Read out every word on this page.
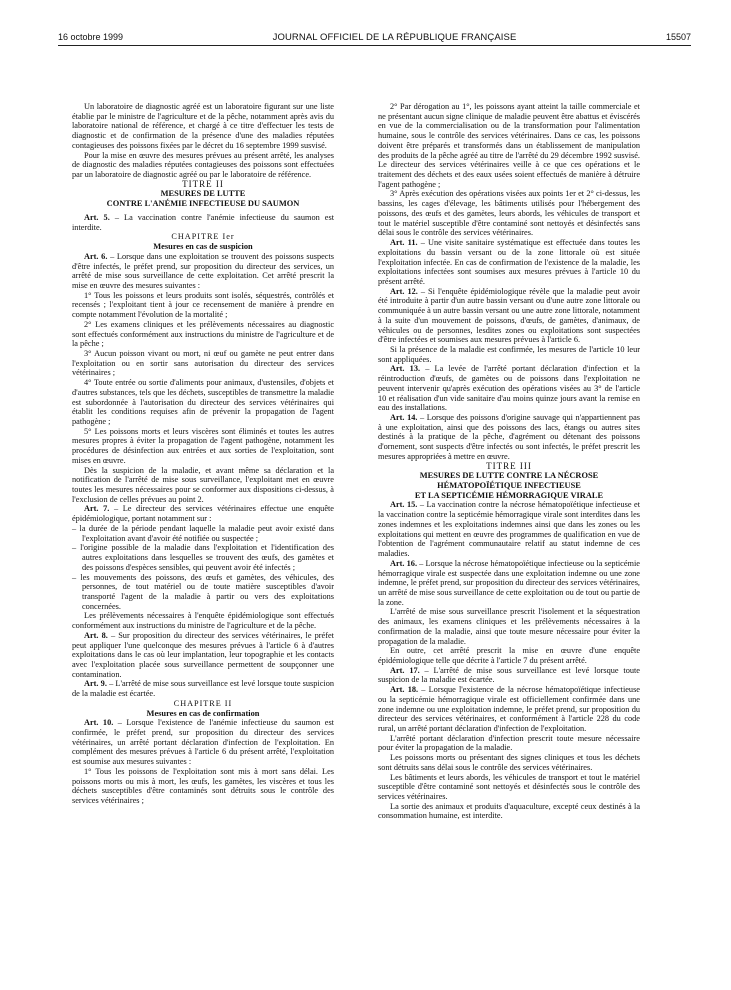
16 octobre 1999	JOURNAL OFFICIEL DE LA RÉPUBLIQUE FRANÇAISE	15507

Un laboratoire de diagnostic agréé est un laboratoire figurant sur une liste établie par le ministre de l'agriculture et de la pêche, notamment après avis du laboratoire national de référence, et chargé à ce titre d'effectuer les tests de diagnostic et de confirmation de la présence d'une des maladies réputées contagieuses des poissons fixées par le décret du 16 septembre 1999 susvisé.

Pour la mise en œuvre des mesures prévues au présent arrêté, les analyses de diagnostic des maladies réputées contagieuses des poissons sont effectuées par un laboratoire de diagnostic agréé ou par le laboratoire de référence.

TITRE II

MESURES DE LUTTE

CONTRE L'ANÉMIE INFECTIEUSE DU SAUMON

Art. 5. – La vaccination contre l'anémie infectieuse du saumon est interdite.

CHAPITRE Ier

Mesures en cas de suspicion

Art. 6. – Lorsque dans une exploitation se trouvent des poissons suspects d'être infectés, le préfet prend, sur proposition du directeur des services, un arrêté de mise sous surveillance de cette exploitation. Cet arrêté prescrit la mise en œuvre des mesures suivantes :

1° Tous les poissons et leurs produits sont isolés, séquestrés, contrôlés et recensés ; l'exploitant tient à jour ce recensement de manière à prendre en compte notamment l'évolution de la mortalité ;

2° Les examens cliniques et les prélèvements nécessaires au diagnostic sont effectués conformément aux instructions du ministre de l'agriculture et de la pêche ;

3° Aucun poisson vivant ou mort, ni œuf ou gamète ne peut entrer dans l'exploitation ou en sortir sans autorisation du directeur des services vétérinaires ;

4° Toute entrée ou sortie d'aliments pour animaux, d'ustensiles, d'objets et d'autres substances, tels que les déchets, susceptibles de transmettre la maladie est subordonnée à l'autorisation du directeur des services vétérinaires qui établit les conditions requises afin de prévenir la propagation de l'agent pathogène ;

5° Les poissons morts et leurs viscères sont éliminés et toutes les autres mesures propres à éviter la propagation de l'agent pathogène, notamment les procédures de désinfection aux entrées et aux sorties de l'exploitation, sont mises en œuvre.

Dès la suspicion de la maladie, et avant même sa déclaration et la notification de l'arrêté de mise sous surveillance, l'exploitant met en œuvre toutes les mesures nécessaires pour se conformer aux dispositions ci-dessus, à l'exclusion de celles prévues au point 2.

Art. 7. – Le directeur des services vétérinaires effectue une enquête épidémiologique, portant notamment sur :

– la durée de la période pendant laquelle la maladie peut avoir existé dans l'exploitation avant d'avoir été notifiée ou suspectée ;

– l'origine possible de la maladie dans l'exploitation et l'identification des autres exploitations dans lesquelles se trouvent des œufs, des gamètes et des poissons d'espèces sensibles, qui peuvent avoir été infectés ;

– les mouvements des poissons, des œufs et gamètes, des véhicules, des personnes, de tout matériel ou de toute matière susceptibles d'avoir transporté l'agent de la maladie à partir ou vers des exploitations concernées.

Les prélèvements nécessaires à l'enquête épidémiologique sont effectués conformément aux instructions du ministre de l'agriculture et de la pêche.

Art. 8. – Sur proposition du directeur des services vétérinaires, le préfet peut appliquer l'une quelconque des mesures prévues à l'article 6 à d'autres exploitations dans le cas où leur implantation, leur topographie et les contacts avec l'exploitation placée sous surveillance permettent de soupçonner une contamination.

Art. 9. – L'arrêté de mise sous surveillance est levé lorsque toute suspicion de la maladie est écartée.

CHAPITRE II

Mesures en cas de confirmation

Art. 10. – Lorsque l'existence de l'anémie infectieuse du saumon est confirmée, le préfet prend, sur proposition du directeur des services vétérinaires, un arrêté portant déclaration d'infection de l'exploitation. En complément des mesures prévues à l'article 6 du présent arrêté, l'exploitation est soumise aux mesures suivantes :

1° Tous les poissons de l'exploitation sont mis à mort sans délai. Les poissons morts ou mis à mort, les œufs, les gamètes, les viscères et tous les déchets susceptibles d'être contaminés sont détruits sous le contrôle des services vétérinaires ;

2° Par dérogation au 1°, les poissons ayant atteint la taille commerciale et ne présentant aucun signe clinique de maladie peuvent être abattus et éviscérés en vue de la commercialisation ou de la transformation pour l'alimentation humaine, sous le contrôle des services vétérinaires. Dans ce cas, les poissons doivent être préparés et transformés dans un établissement de manipulation des produits de la pêche agréé au titre de l'arrêté du 29 décembre 1992 susvisé. Le directeur des services vétérinaires veille à ce que ces opérations et le traitement des déchets et des eaux usées soient effectués de manière à détruire l'agent pathogène ;

3° Après exécution des opérations visées aux points 1er et 2° ci-dessus, les bassins, les cages d'élevage, les bâtiments utilisés pour l'hébergement des poissons, des œufs et des gamètes, leurs abords, les véhicules de transport et tout le matériel susceptible d'être contaminé sont nettoyés et désinfectés sans délai sous le contrôle des services vétérinaires.

Art. 11. – Une visite sanitaire systématique est effectuée dans toutes les exploitations du bassin versant ou de la zone littorale où est située l'exploitation infectée. En cas de confirmation de l'existence de la maladie, les exploitations infectées sont soumises aux mesures prévues à l'article 10 du présent arrêté.

Art. 12. – Si l'enquête épidémiologique révèle que la maladie peut avoir été introduite à partir d'un autre bassin versant ou d'une autre zone littorale ou communiquée à un autre bassin versant ou une autre zone littorale, notamment à la suite d'un mouvement de poissons, d'œufs, de gamètes, d'animaux, de véhicules ou de personnes, lesdites zones ou exploitations sont suspectées d'être infectées et soumises aux mesures prévues à l'article 6.

Si la présence de la maladie est confirmée, les mesures de l'article 10 leur sont appliquées.

Art. 13. – La levée de l'arrêté portant déclaration d'infection et la réintroduction d'œufs, de gamètes ou de poissons dans l'exploitation ne peuvent intervenir qu'après exécution des opérations visées au 3° de l'article 10 et réalisation d'un vide sanitaire d'au moins quinze jours avant la remise en eau des installations.

Art. 14. – Lorsque des poissons d'origine sauvage qui n'appartiennent pas à une exploitation, ainsi que des poissons des lacs, étangs ou autres sites destinés à la pratique de la pêche, d'agrément ou détenant des poissons d'ornement, sont suspects d'être infectés ou sont infectés, le préfet prescrit les mesures appropriées à mettre en œuvre.

TITRE III

MESURES DE LUTTE CONTRE LA NÉCROSE

HÉMATOPOÏÉTIQUE INFECTIEUSE

ET LA SEPTICÉMIE HÉMORRAGIQUE VIRALE

Art. 15. – La vaccination contre la nécrose hématopoïétique infectieuse et la vaccination contre la septicémie hémorragique virale sont interdites dans les zones indemnes et les exploitations indemnes ainsi que dans les zones ou les exploitations qui mettent en œuvre des programmes de qualification en vue de l'obtention de l'agrément communautaire relatif au statut indemne de ces maladies.

Art. 16. – Lorsque la nécrose hématopoïétique infectieuse ou la septicémie hémorragique virale est suspectée dans une exploitation indemne ou une zone indemne, le préfet prend, sur proposition du directeur des services vétérinaires, un arrêté de mise sous surveillance de cette exploitation ou de tout ou partie de la zone.

L'arrêté de mise sous surveillance prescrit l'isolement et la séquestration des animaux, les examens cliniques et les prélèvements nécessaires à la confirmation de la maladie, ainsi que toute mesure nécessaire pour éviter la propagation de la maladie.

En outre, cet arrêté prescrit la mise en œuvre d'une enquête épidémiologique telle que décrite à l'article 7 du présent arrêté.

Art. 17. – L'arrêté de mise sous surveillance est levé lorsque toute suspicion de la maladie est écartée.

Art. 18. – Lorsque l'existence de la nécrose hématopoïétique infectieuse ou la septicémie hémorragique virale est officiellement confirmée dans une zone indemne ou une exploitation indemne, le préfet prend, sur proposition du directeur des services vétérinaires, et conformément à l'article 228 du code rural, un arrêté portant déclaration d'infection de l'exploitation.

L'arrêté portant déclaration d'infection prescrit toute mesure nécessaire pour éviter la propagation de la maladie.

Les poissons morts ou présentant des signes cliniques et tous les déchets sont détruits sans délai sous le contrôle des services vétérinaires.

Les bâtiments et leurs abords, les véhicules de transport et tout le matériel susceptible d'être contaminé sont nettoyés et désinfectés sous le contrôle des services vétérinaires.

La sortie des animaux et produits d'aquaculture, excepté ceux destinés à la consommation humaine, est interdite.
